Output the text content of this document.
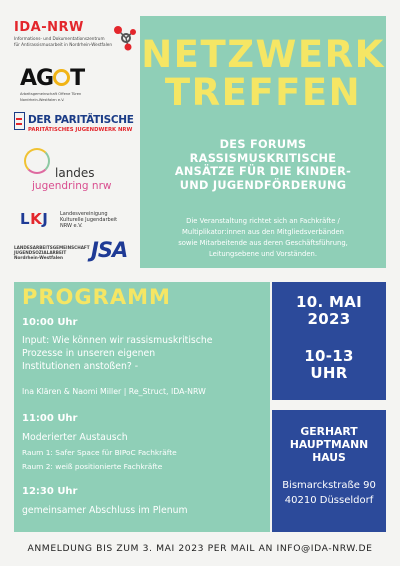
IDA-NRW
Informations- und Dokumentationszentrum
für Antirassismusarbeit in Nordrhein-Westfalen
AG T
Arbeitsgemeinschaft Offene Türen
Nordrhein-Westfalen e.V.
DER PARITÄTISCHE
PARITÄTISCHES JUGENDWERK NRW
landes
jugendring nrw
LKJ Landesvereinigung
Kulturelle Jugendarbeit
NRW e.V.
LANDESARBEITSGEMEINSCHAFT
JUGENDSOZIALARBEIT
Nordrhein-Westfalen	JSA
NETZWERK
TREFFEN
DES FORUMS
RASSISMUSKRITISCHE
ANSÄTZE FÜR DIE KINDER-
UND JUGENDFÖRDERUNG
Die Veranstaltung richtet sich an Fachkräfte /
Multiplikator:innen aus den Mitgliedsverbänden
sowie Mitarbeitende aus deren Geschäftsführung,
Leitungsebene und Vorständen.
PROGRAMM
10:00 Uhr
Input: Wie können wir rassismuskritische
Prozesse in unseren eigenen
Institutionen anstoßen? -
Ina Klären & Naomi Miller | Re_Struct, IDA-NRW
11:00 Uhr
Moderierter Austausch
Raum 1: Safer Space für BIPoC Fachkräfte
Raum 2: weiß positionierte Fachkräfte
12:30 Uhr
gemeinsamer Abschluss im Plenum
10. MAI
2023
10-13
UHR
GERHART
HAUPTMANN
HAUS
Bismarckstraße 90
40210 Düsseldorf
ANMELDUNG BIS ZUM 3. MAI 2023 PER MAIL AN INFO@IDA-NRW.DE
